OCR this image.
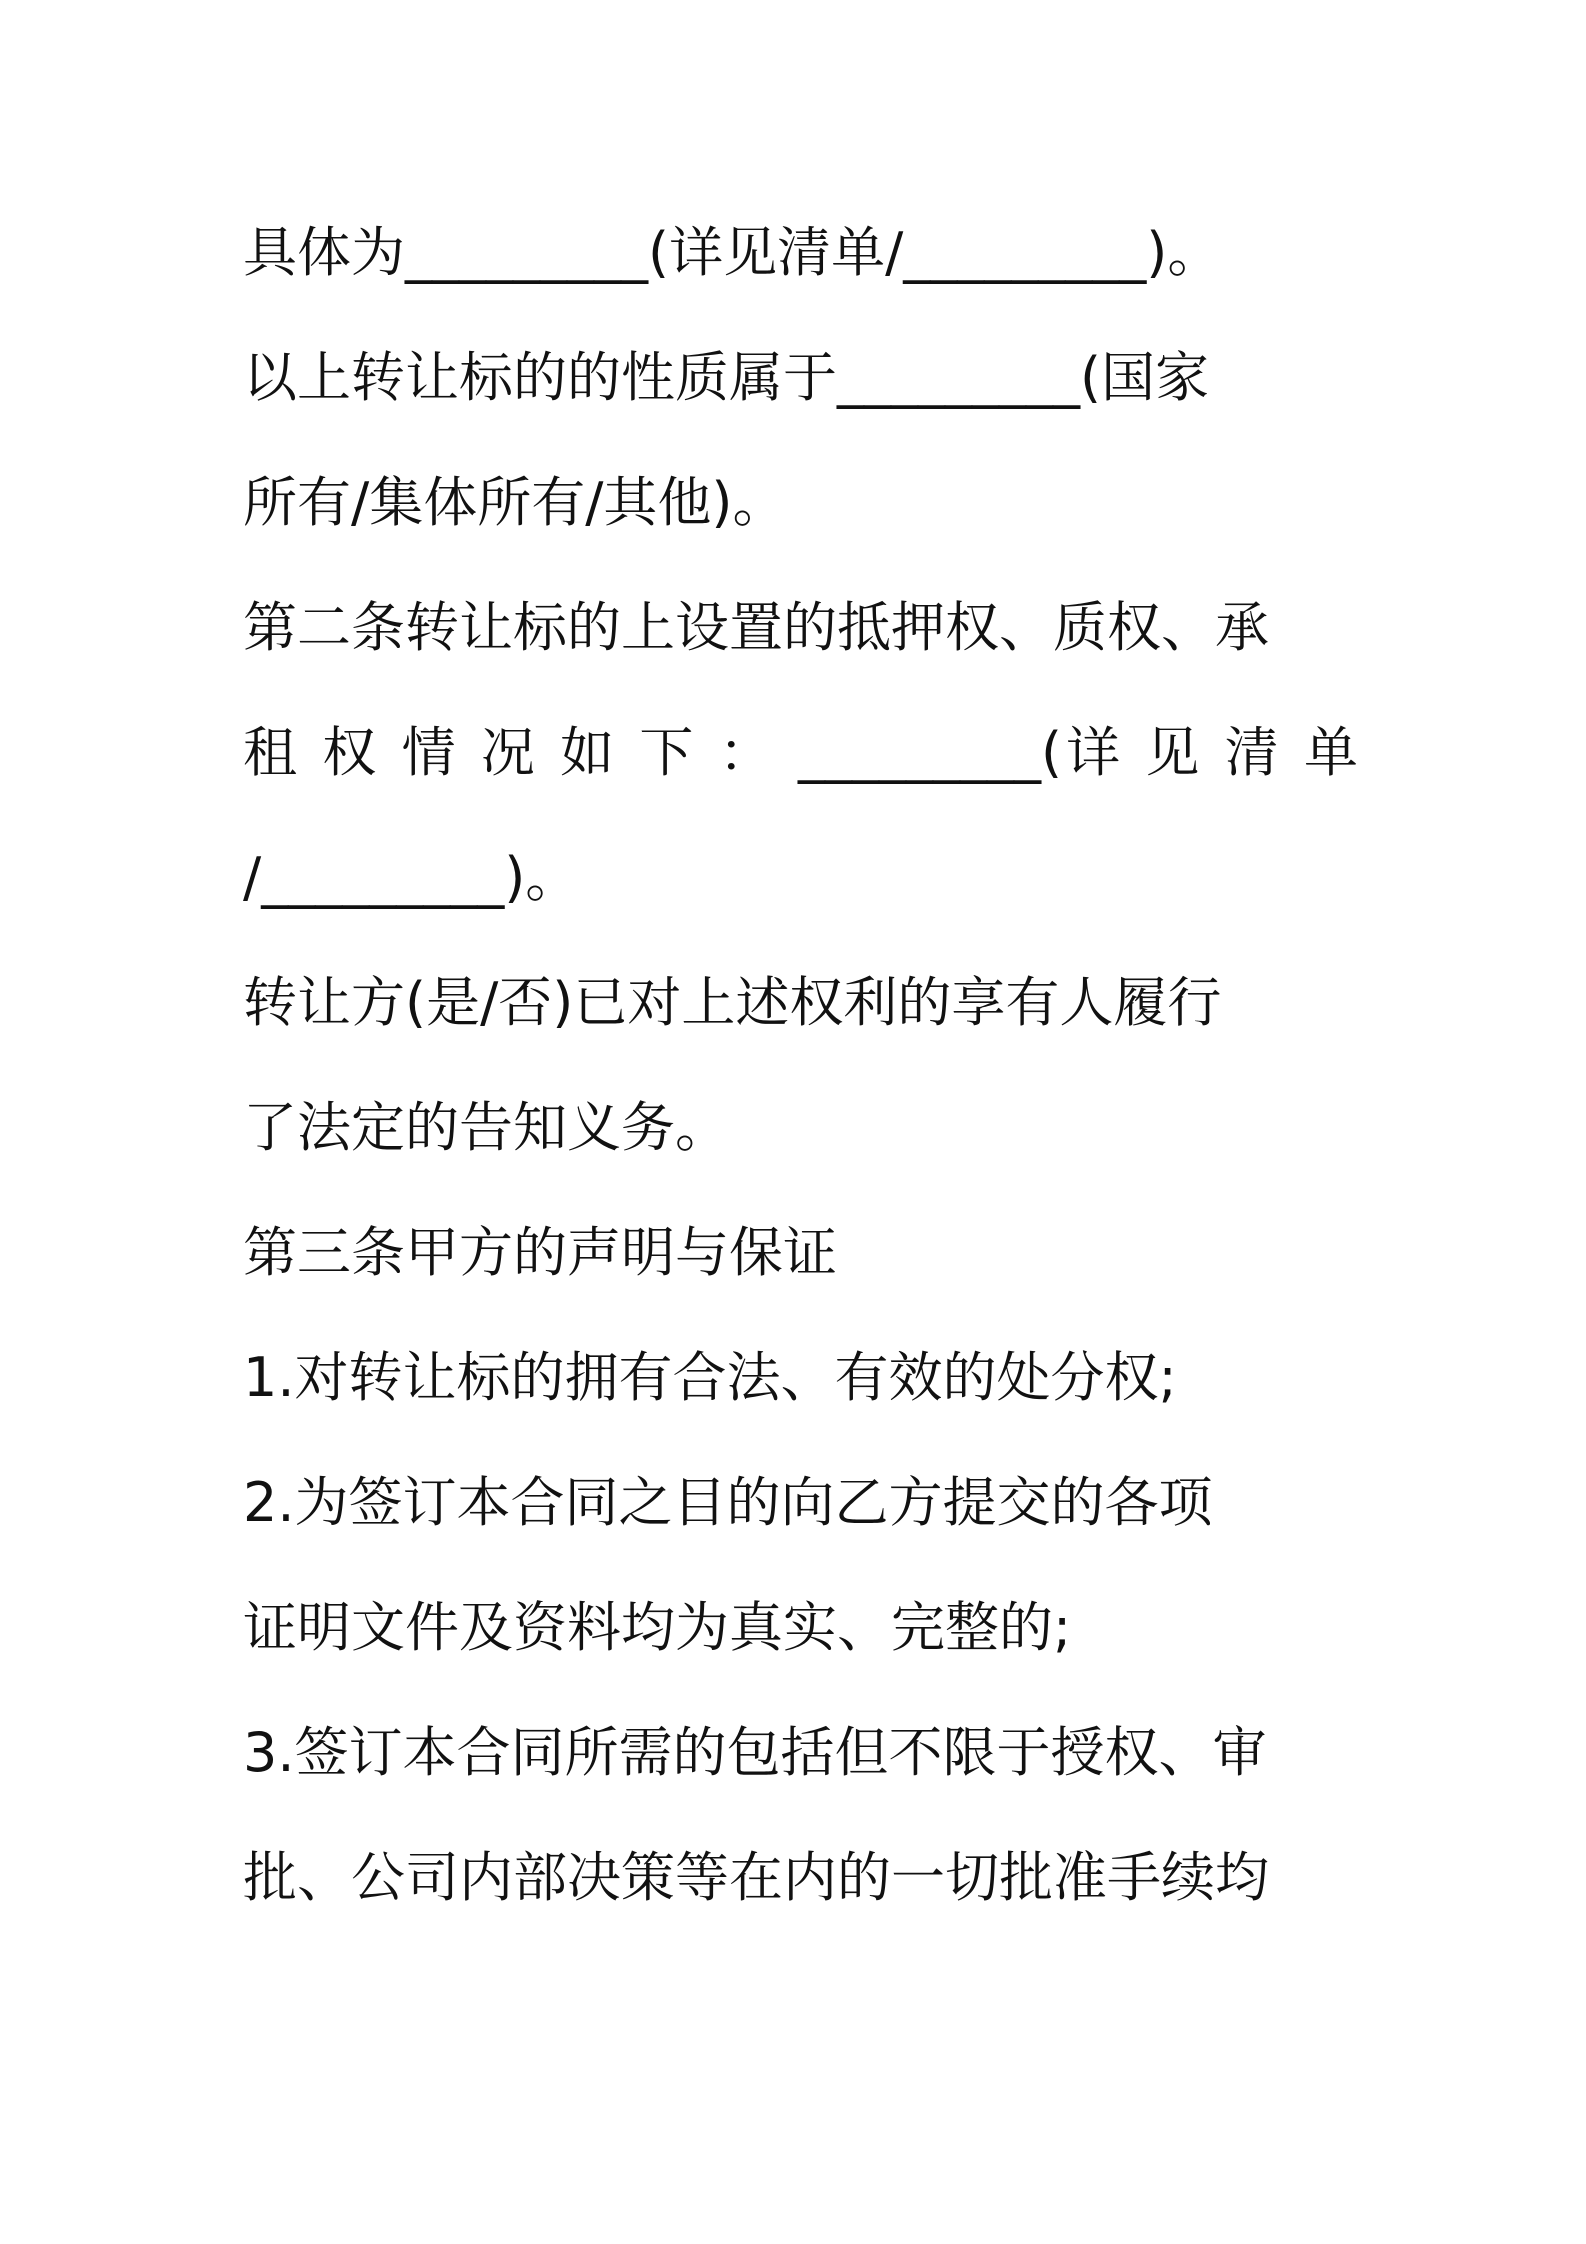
具体为_________(详见清单/_________)。
以上转让标的的性质属于_________(国家
所有/集体所有/其他)。
第二条转让标的上设置的抵押权、质权、承
租 权 情 况 如 下 ： _________(详 见 清 单
/_________)。
转让方(是/否)已对上述权利的享有人履行
了法定的告知义务。
第三条甲方的声明与保证
1.对转让标的拥有合法、有效的处分权;
2.为签订本合同之目的向乙方提交的各项
证明文件及资料均为真实、完整的;
3.签订本合同所需的包括但不限于授权、审
批、公司内部决策等在内的一切批准手续均
